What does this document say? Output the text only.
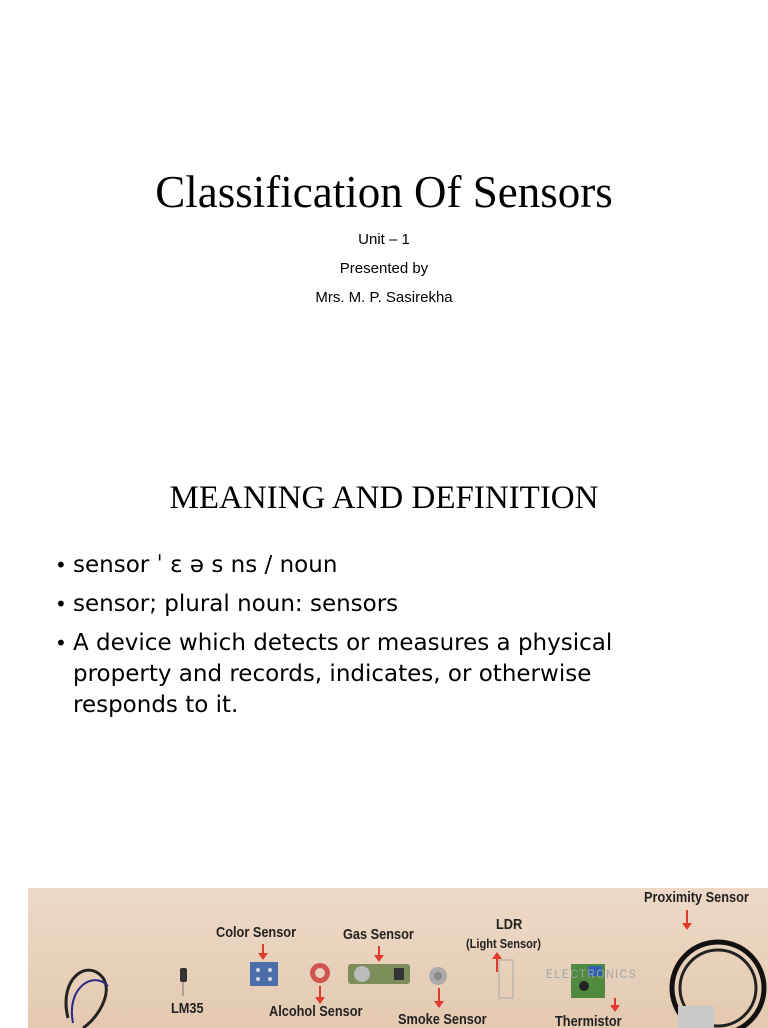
Classification Of Sensors
Unit – 1
Presented by
Mrs. M. P. Sasirekha
MEANING AND DEFINITION
• sensor ˈ ɛ ə s ns / noun
• sensor; plural noun: sensors
• A device which detects or measures a physical property and records, indicates, or otherwise responds to it.
Proximity Sensor
Color Sensor	Gas Sensor
LDR
(Light Sensor)
ELECTRONICS
LM35	Alcohol Sensor Smoke Sensor	Thermistor
